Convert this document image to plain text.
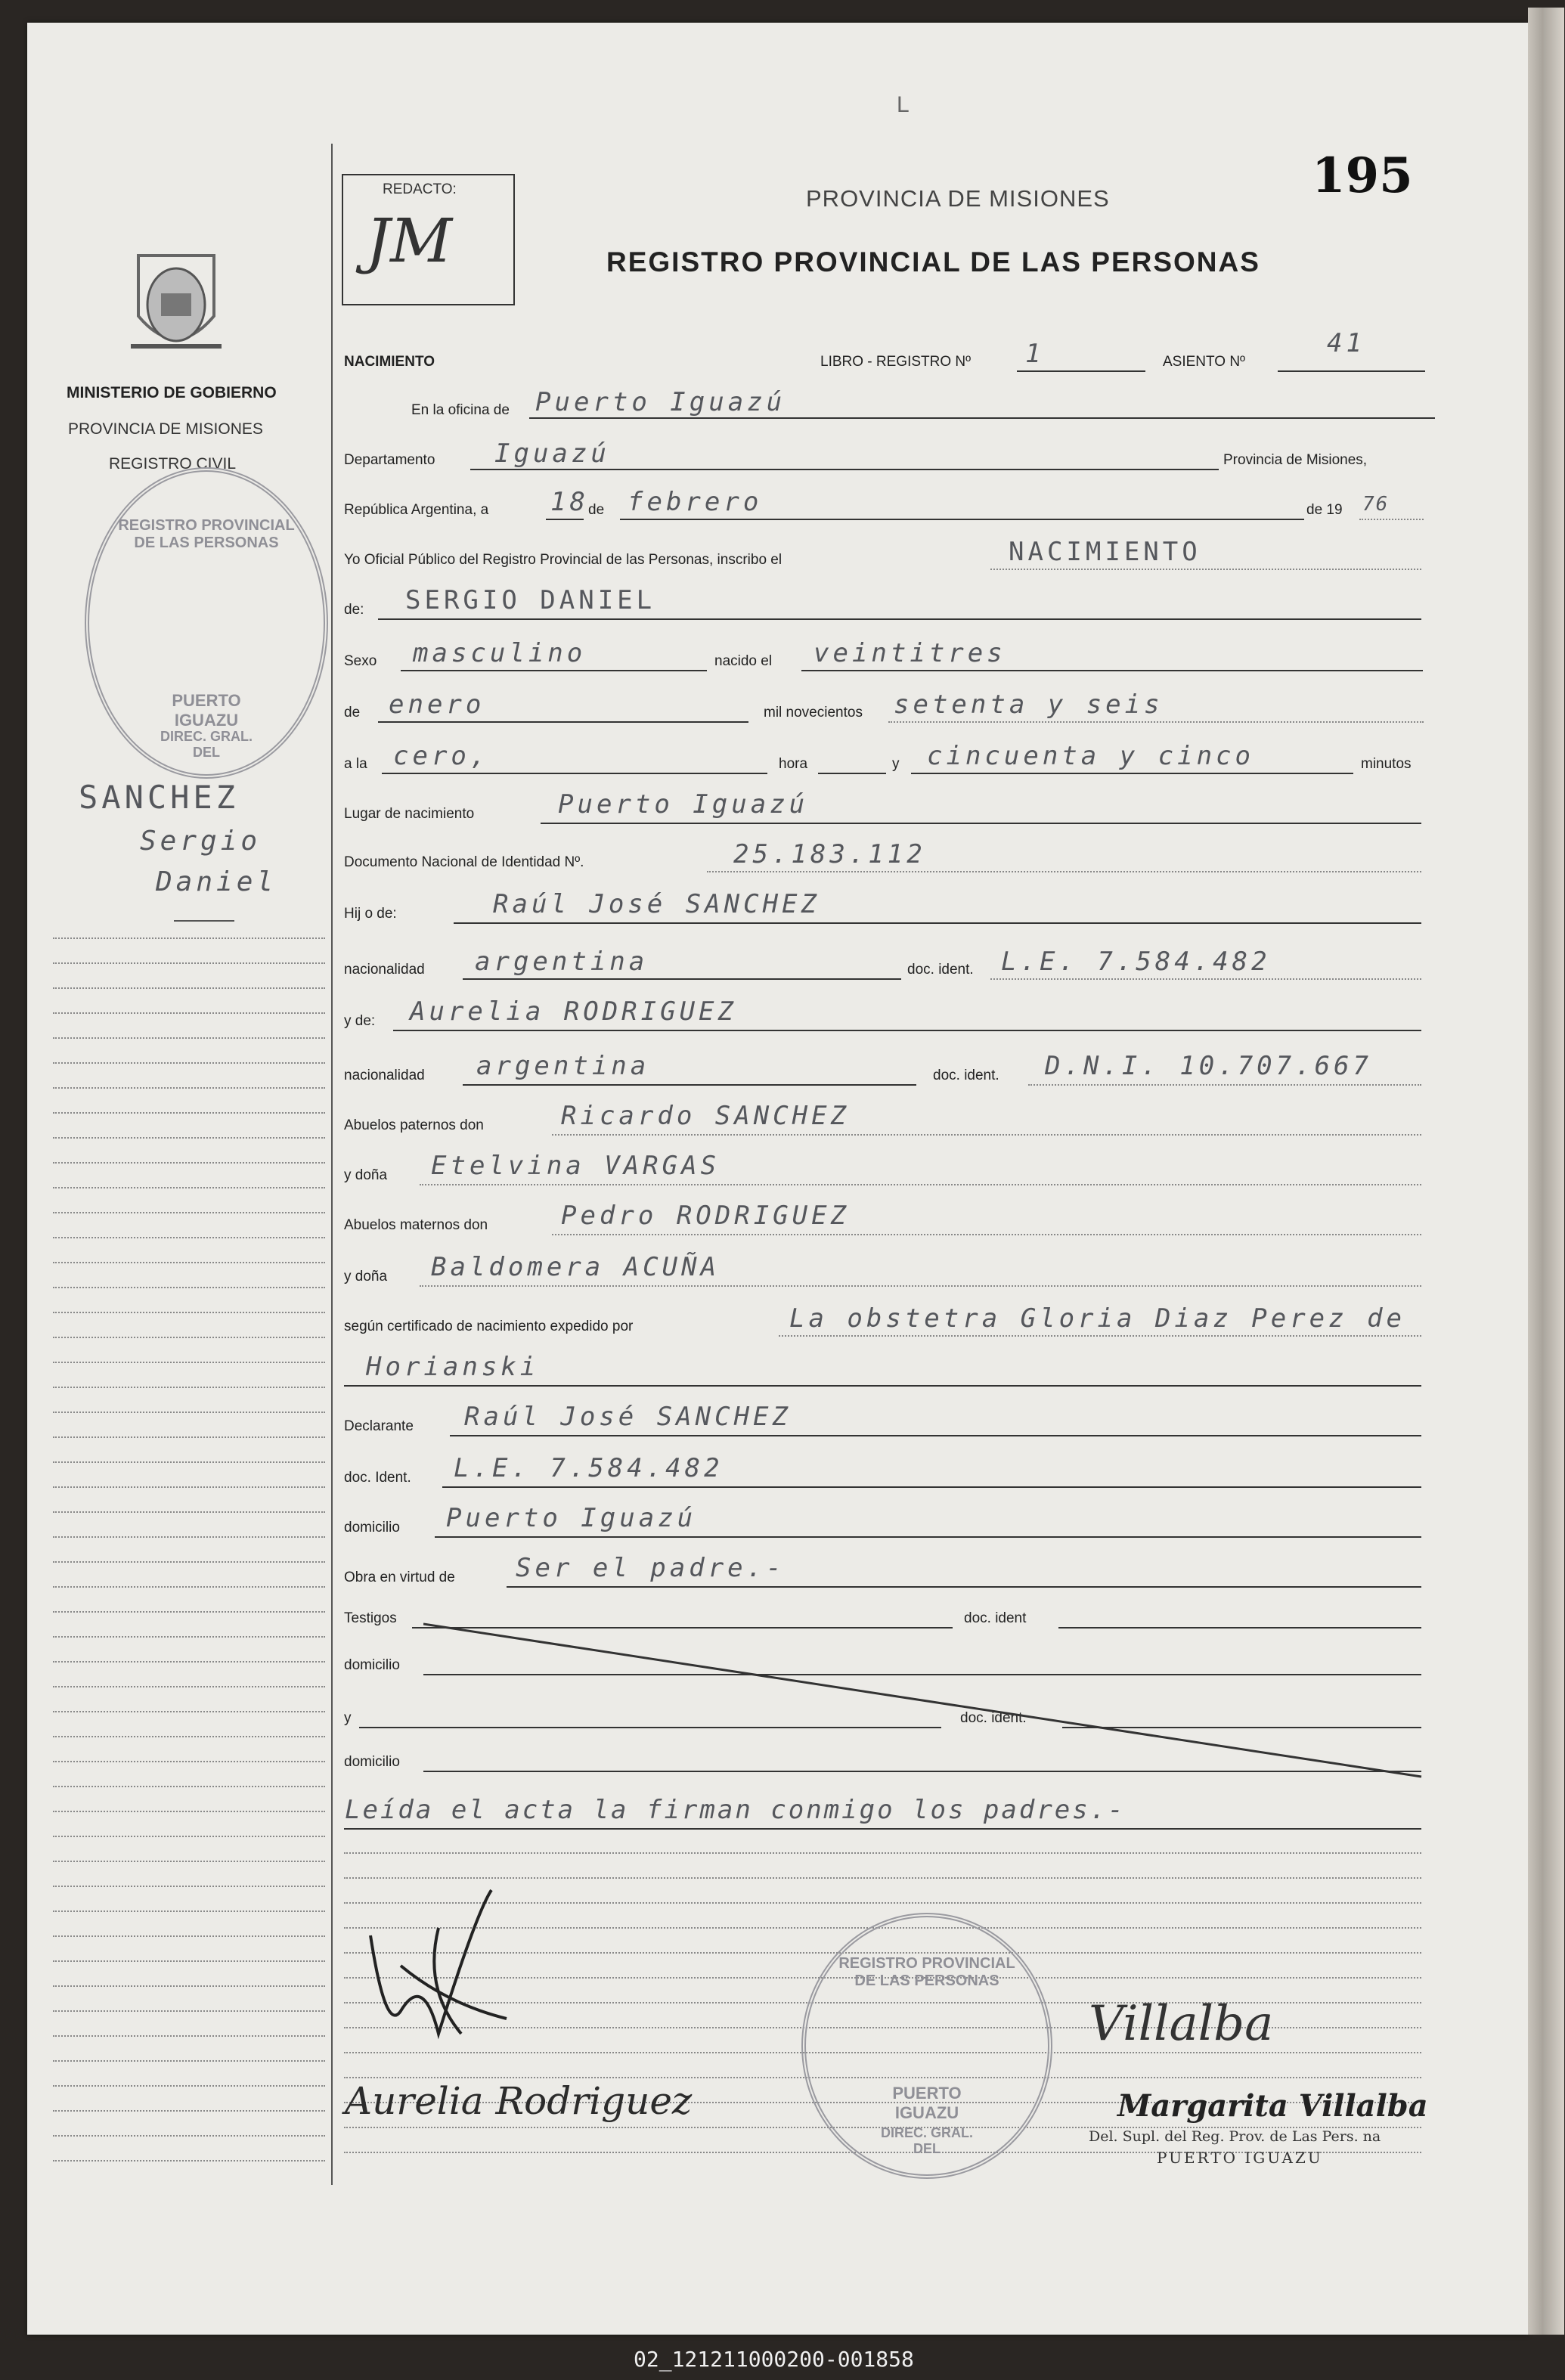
L
195
REDACTO:
JM
PROVINCIA DE MISIONES
REGISTRO PROVINCIAL DE LAS PERSONAS
MINISTERIO DE GOBIERNO
PROVINCIA DE MISIONES
REGISTRO CIVIL
REGISTRO PROVINCIAL DE LAS PERSONAS
PUERTO IGUAZU
DIREC. GRAL. DEL
SANCHEZ
Sergio
Daniel
NACIMIENTO	LIBRO - REGISTRO Nº 1	ASIENTO Nº
41
En la oficina de Puerto Iguazú
Departamento Iguazú	Provincia de Misiones,
República Argentina, a 18 de febrero	de 19 76
Yo Oficial Público del Registro Provincial de las Personas, inscribo el	NACIMIENTO
de: SERGIO DANIEL
Sexo masculino	nacido el veintitres
de enero	mil novecientos setenta y seis
a la cero,	hora	y cincuenta y cinco	minutos
Lugar de nacimiento	Puerto Iguazú
Documento Nacional de Identidad Nº.	25.183.112
Hij o de:	Raúl José SANCHEZ
nacionalidad argentina	doc. ident. L.E. 7.584.482
y de: Aurelia RODRIGUEZ
nacionalidad argentina	doc. ident. D.N.I. 10.707.667
Abuelos paternos don	Ricardo SANCHEZ
y doña Etelvina VARGAS
Abuelos maternos don	Pedro RODRIGUEZ
y doña Baldomera ACUÑA
según certificado de nacimiento expedido por	La obstetra Gloria Diaz Perez de
Horianski
Declarante Raúl José SANCHEZ
doc. Ident. L.E. 7.584.482
domicilio Puerto Iguazú
Obra en virtud de Ser el padre.-
Testigos	doc. ident
domicilio
y	doc. ident.
domicilio
Leída el acta la firman conmigo los padres.-
Aurelia Rodriguez
REGISTRO PROVINCIAL DE LAS PERSONAS
PUERTO IGUAZU
DIREC. GRAL. DEL
Villalba
Margarita Villalba
Del. Supl. del Reg. Prov. de Las Pers. na
PUERTO IGUAZU
02_121211000200-001858
